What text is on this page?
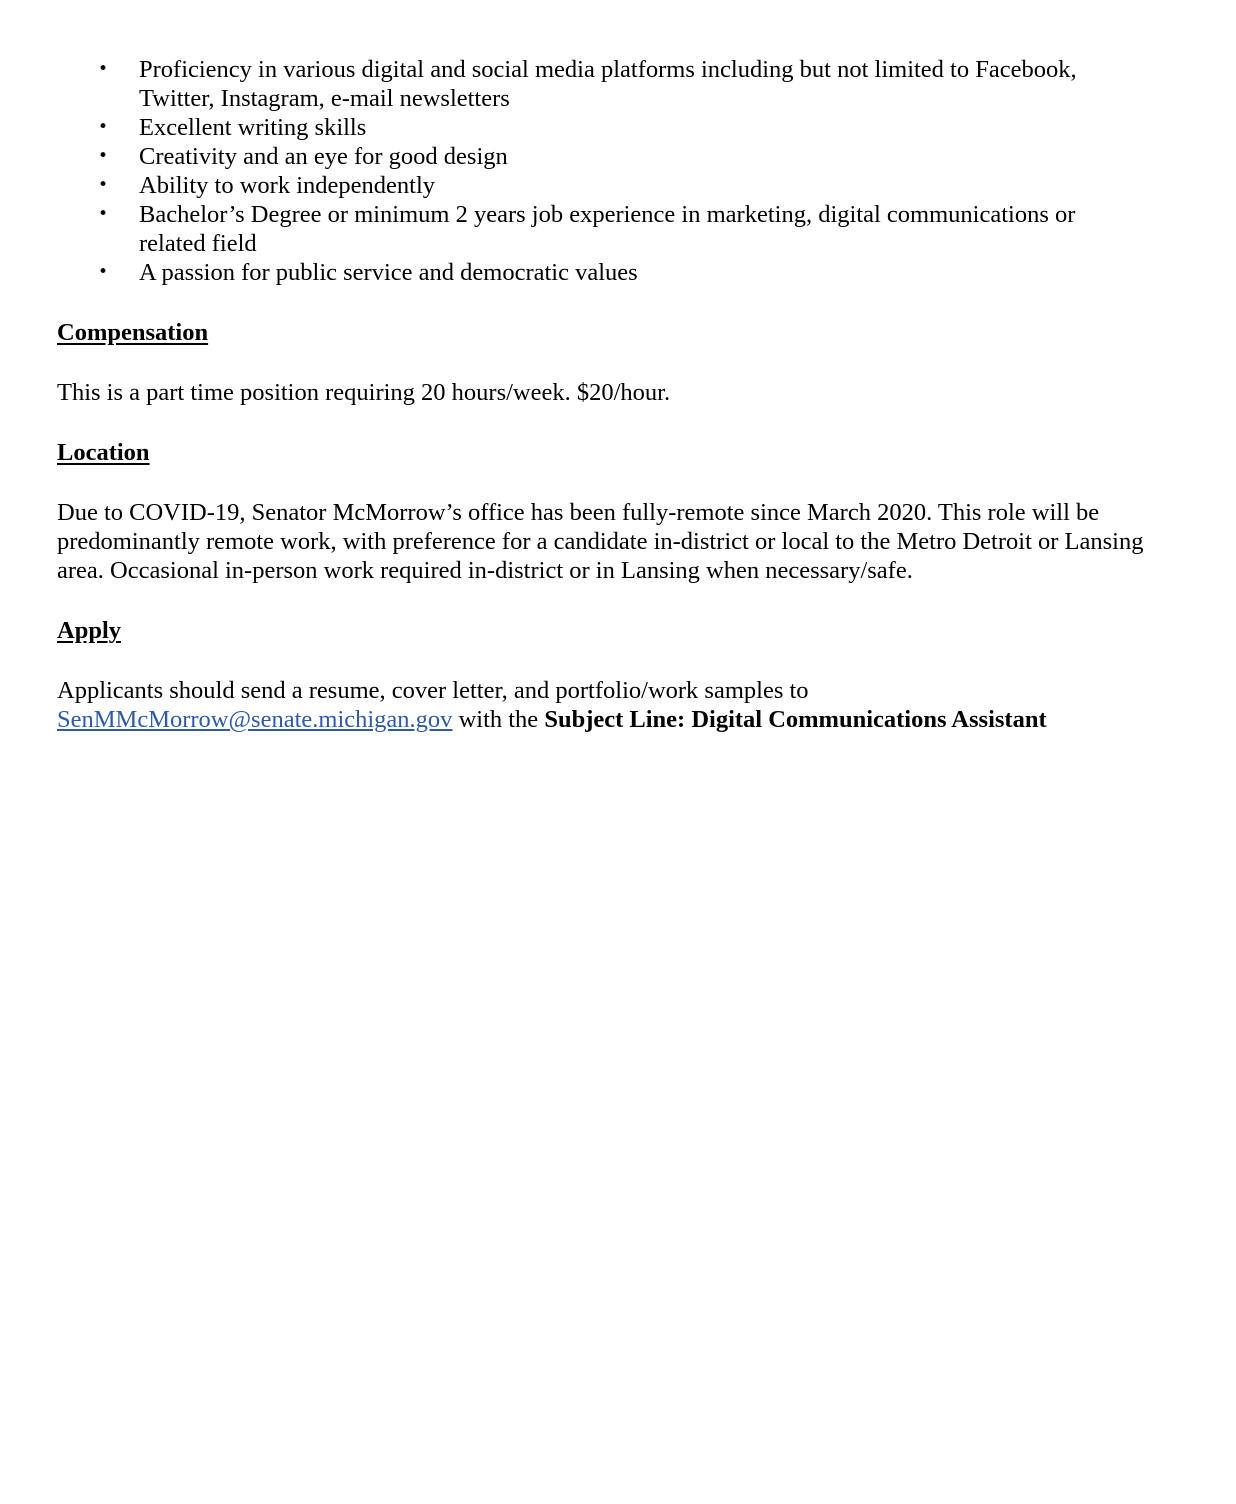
•	Proficiency in various digital and social media platforms including but not limited to Facebook, Twitter, Instagram, e-mail newsletters
•	Excellent writing skills
•	Creativity and an eye for good design
•	Ability to work independently
•	Bachelor’s Degree or minimum 2 years job experience in marketing, digital communications or related field
•	A passion for public service and democratic values

Compensation

This is a part time position requiring 20 hours/week. $20/hour.

Location

Due to COVID-19, Senator McMorrow’s office has been fully-remote since March 2020. This role will be predominantly remote work, with preference for a candidate in-district or local to the Metro Detroit or Lansing area. Occasional in-person work required in-district or in Lansing when necessary/safe.

Apply

Applicants should send a resume, cover letter, and portfolio/work samples to
SenMMcMorrow@senate.michigan.gov with the Subject Line: Digital Communications Assistant
